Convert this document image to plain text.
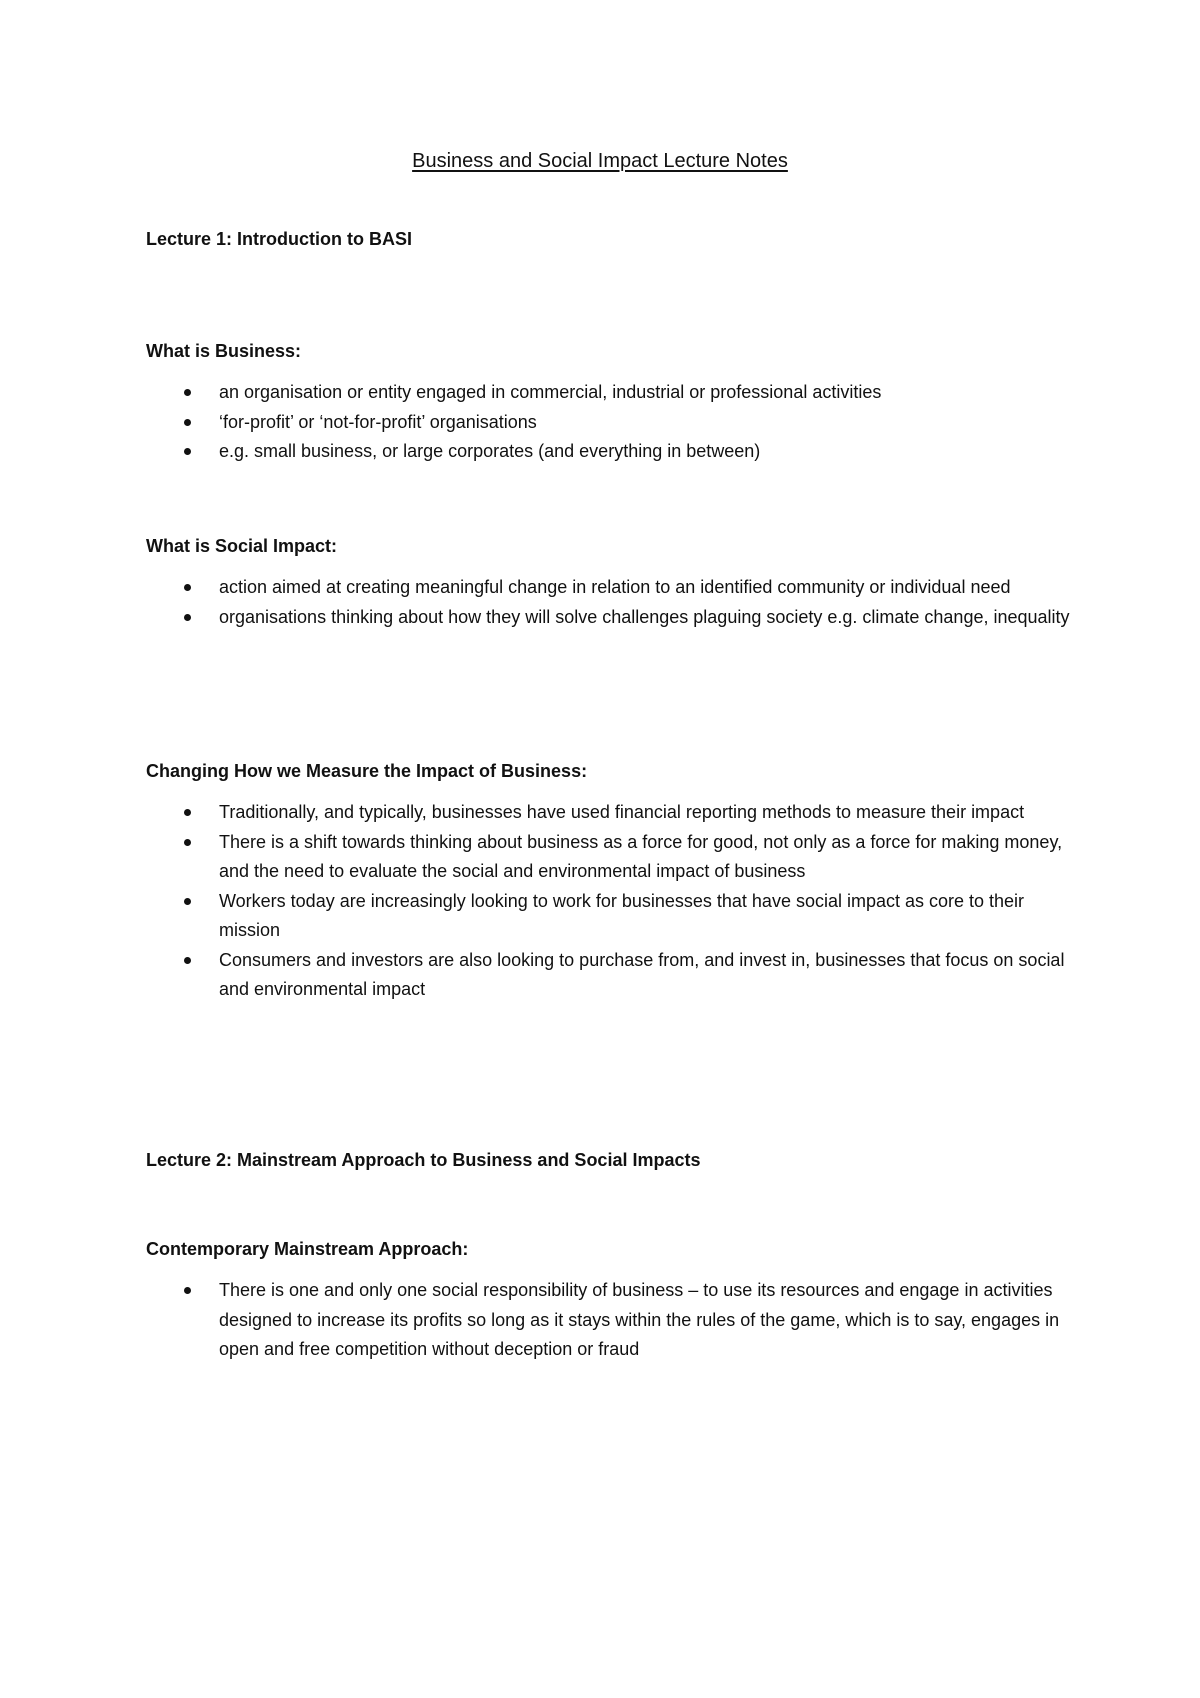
Business and Social Impact Lecture Notes

Lecture 1: Introduction to BASI

What is Business:

an organisation or entity engaged in commercial, industrial or professional activities
‘for-profit’ or ‘not-for-profit’ organisations
e.g. small business, or large corporates (and everything in between)

What is Social Impact:

action aimed at creating meaningful change in relation to an identified community or individual need
organisations thinking about how they will solve challenges plaguing society e.g. climate change, inequality

Changing How we Measure the Impact of Business:

Traditionally, and typically, businesses have used financial reporting methods to measure their impact
There is a shift towards thinking about business as a force for good, not only as a force for making money, and the need to evaluate the social and environmental impact of business
Workers today are increasingly looking to work for businesses that have social impact as core to their mission
Consumers and investors are also looking to purchase from, and invest in, businesses that focus on social and environmental impact

Lecture 2: Mainstream Approach to Business and Social Impacts

Contemporary Mainstream Approach:

There is one and only one social responsibility of business – to use its resources and engage in activities designed to increase its profits so long as it stays within the rules of the game, which is to say, engages in open and free competition without deception or fraud
